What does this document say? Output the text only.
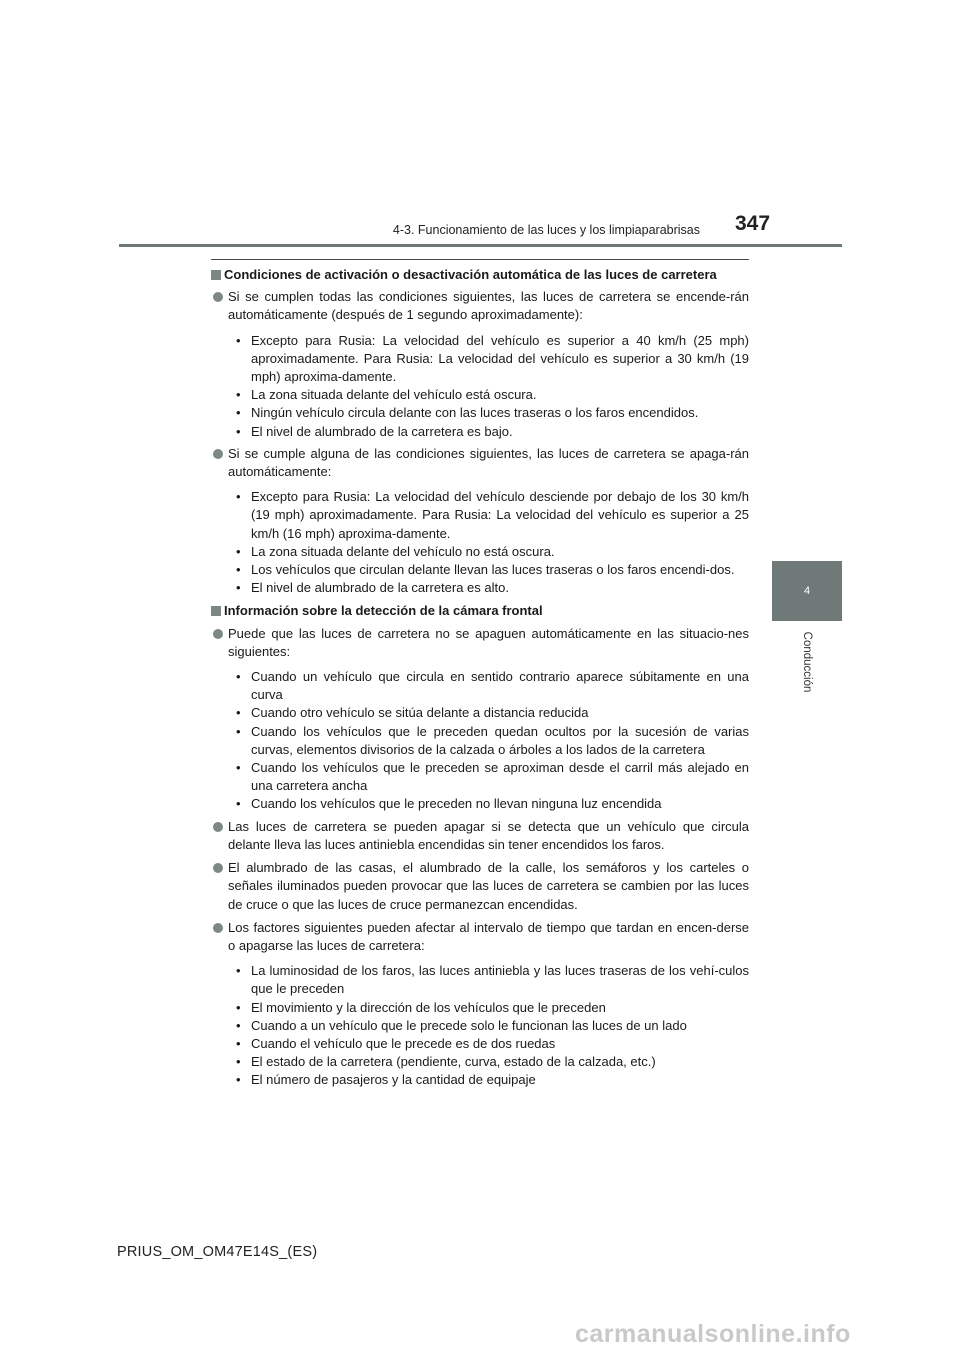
4-3. Funcionamiento de las luces y los limpiaparabrisas 347
4
Conducción
Condiciones de activación o desactivación automática de las luces de carretera
Si se cumplen todas las condiciones siguientes, las luces de carretera se encende-rán automáticamente (después de 1 segundo aproximadamente):
• Excepto para Rusia: La velocidad del vehículo es superior a 40 km/h (25 mph) aproximadamente. Para Rusia: La velocidad del vehículo es superior a 30 km/h (19 mph) aproxima-damente.
• La zona situada delante del vehículo está oscura.
• Ningún vehículo circula delante con las luces traseras o los faros encendidos.
• El nivel de alumbrado de la carretera es bajo.
Si se cumple alguna de las condiciones siguientes, las luces de carretera se apaga-rán automáticamente:
• Excepto para Rusia: La velocidad del vehículo desciende por debajo de los 30 km/h (19 mph) aproximadamente. Para Rusia: La velocidad del vehículo es superior a 25 km/h (16 mph) aproxima-damente.
• La zona situada delante del vehículo no está oscura.
• Los vehículos que circulan delante llevan las luces traseras o los faros encendi-dos.
• El nivel de alumbrado de la carretera es alto.
Información sobre la detección de la cámara frontal
Puede que las luces de carretera no se apaguen automáticamente en las situacio-nes siguientes:
• Cuando un vehículo que circula en sentido contrario aparece súbitamente en una curva
• Cuando otro vehículo se sitúa delante a distancia reducida
• Cuando los vehículos que le preceden quedan ocultos por la sucesión de varias curvas, elementos divisorios de la calzada o árboles a los lados de la carretera
• Cuando los vehículos que le preceden se aproximan desde el carril más alejado en una carretera ancha
• Cuando los vehículos que le preceden no llevan ninguna luz encendida
Las luces de carretera se pueden apagar si se detecta que un vehículo que circula delante lleva las luces antiniebla encendidas sin tener encendidos los faros.
El alumbrado de las casas, el alumbrado de la calle, los semáforos y los carteles o señales iluminados pueden provocar que las luces de carretera se cambien por las luces de cruce o que las luces de cruce permanezcan encendidas.
Los factores siguientes pueden afectar al intervalo de tiempo que tardan en encen-derse o apagarse las luces de carretera:
• La luminosidad de los faros, las luces antiniebla y las luces traseras de los vehí-culos que le preceden
• El movimiento y la dirección de los vehículos que le preceden
• Cuando a un vehículo que le precede solo le funcionan las luces de un lado
• Cuando el vehículo que le precede es de dos ruedas
• El estado de la carretera (pendiente, curva, estado de la calzada, etc.)
• El número de pasajeros y la cantidad de equipaje
PRIUS_OM_OM47E14S_(ES)
carmanualsonline.info
